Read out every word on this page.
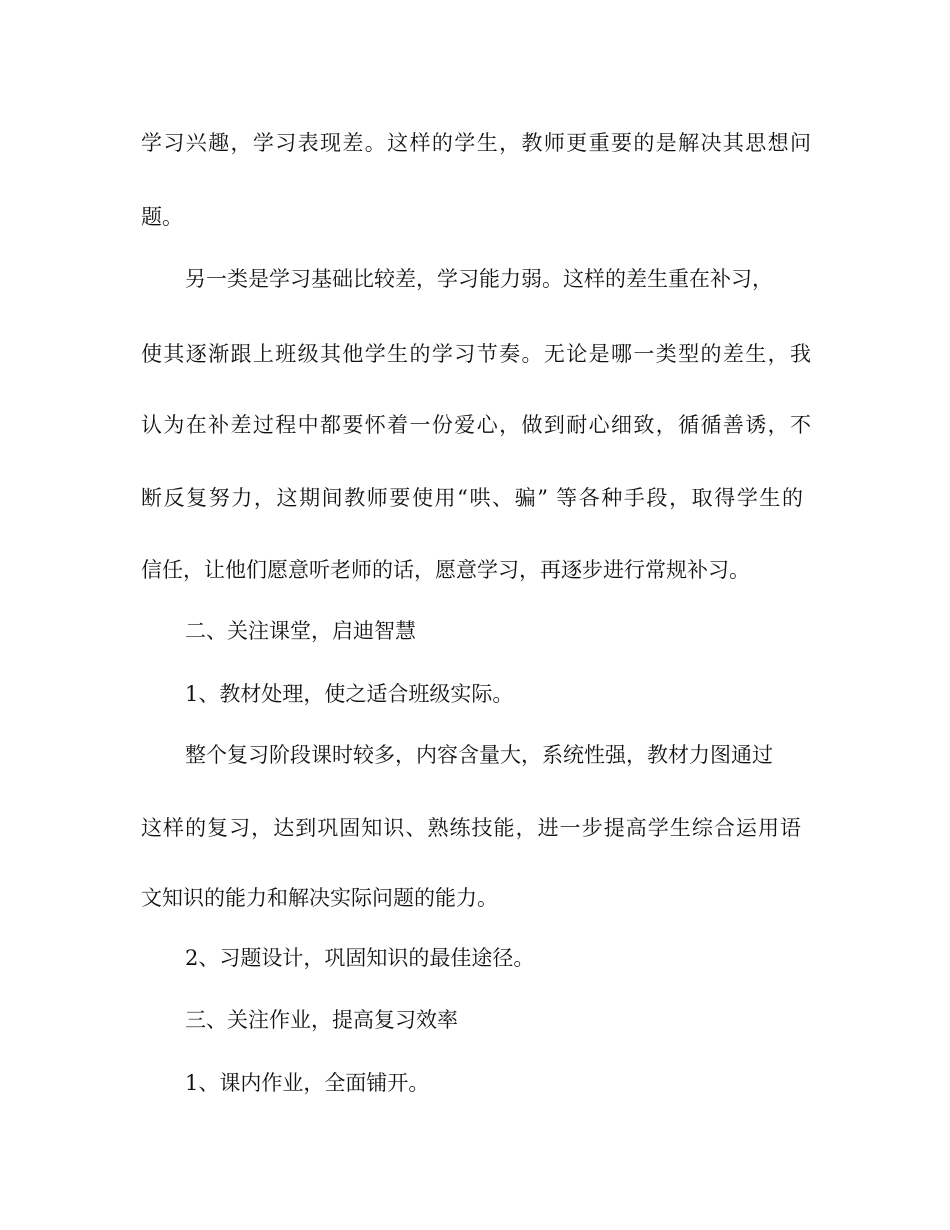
学习兴趣，学习表现差。这样的学生，教师更重要的是解决其思想问
题。
另一类是学习基础比较差，学习能力弱。这样的差生重在补习，
使其逐渐跟上班级其他学生的学习节奏。无论是哪一类型的差生，我
认为在补差过程中都要怀着一份爱心，做到耐心细致，循循善诱，不
断反复努力，这期间教师要使用“哄、骗” 等各种手段，取得学生的
信任，让他们愿意听老师的话，愿意学习，再逐步进行常规补习。
二、关注课堂，启迪智慧
1、教材处理，使之适合班级实际。
整个复习阶段课时较多，内容含量大，系统性强，教材力图通过
这样的复习，达到巩固知识、熟练技能，进一步提高学生综合运用语
文知识的能力和解决实际问题的能力。
2、习题设计，巩固知识的最佳途径。
三、关注作业，提高复习效率
1、课内作业，全面铺开。
